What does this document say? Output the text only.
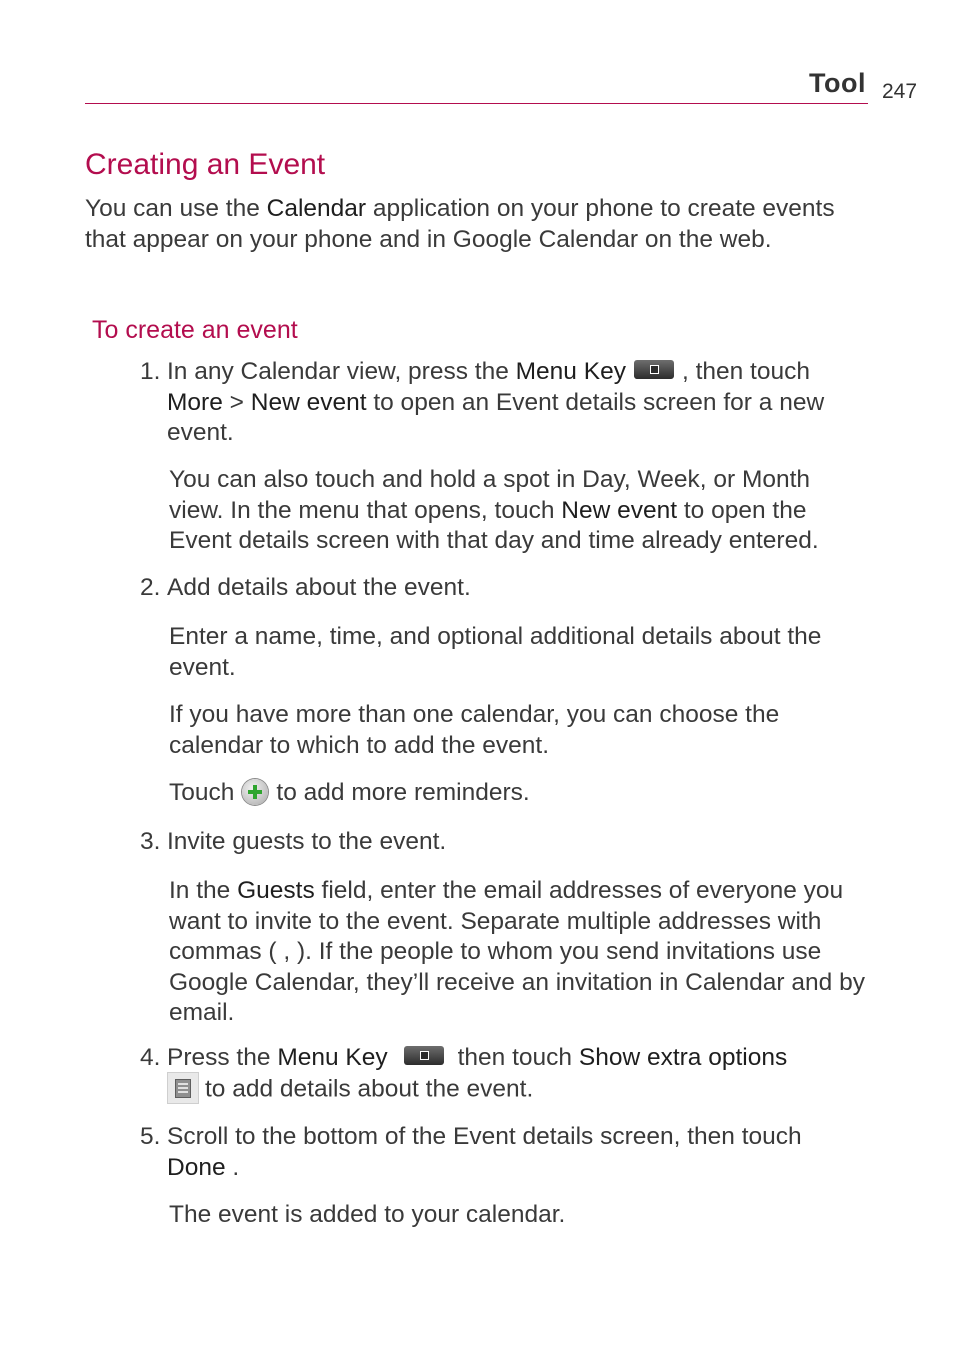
Tool 247
Creating an Event

You can use the Calendar application on your phone to create events that appear on your phone and in Google Calendar on the web.

To create an event
1. In any Calendar view, press the Menu Key , then touch More > New event to open an Event details screen for a new event.

You can also touch and hold a spot in Day, Week, or Month view. In the menu that opens, touch New event to open the Event details screen with that day and time already entered.

2. Add details about the event.

Enter a name, time, and optional additional details about the event.

If you have more than one calendar, you can choose the calendar to which to add the event.

Touch to add more reminders.

3. Invite guests to the event.

In the Guests field, enter the email addresses of everyone you want to invite to the event. Separate multiple addresses with commas ( , ). If the people to whom you send invitations use Google Calendar, they’ll receive an invitation in Calendar and by email.

4. Press the Menu Key	then touch Show extra options
to add details about the event.
5. Scroll to the bottom of the Event details screen, then touch Done .

The event is added to your calendar.
